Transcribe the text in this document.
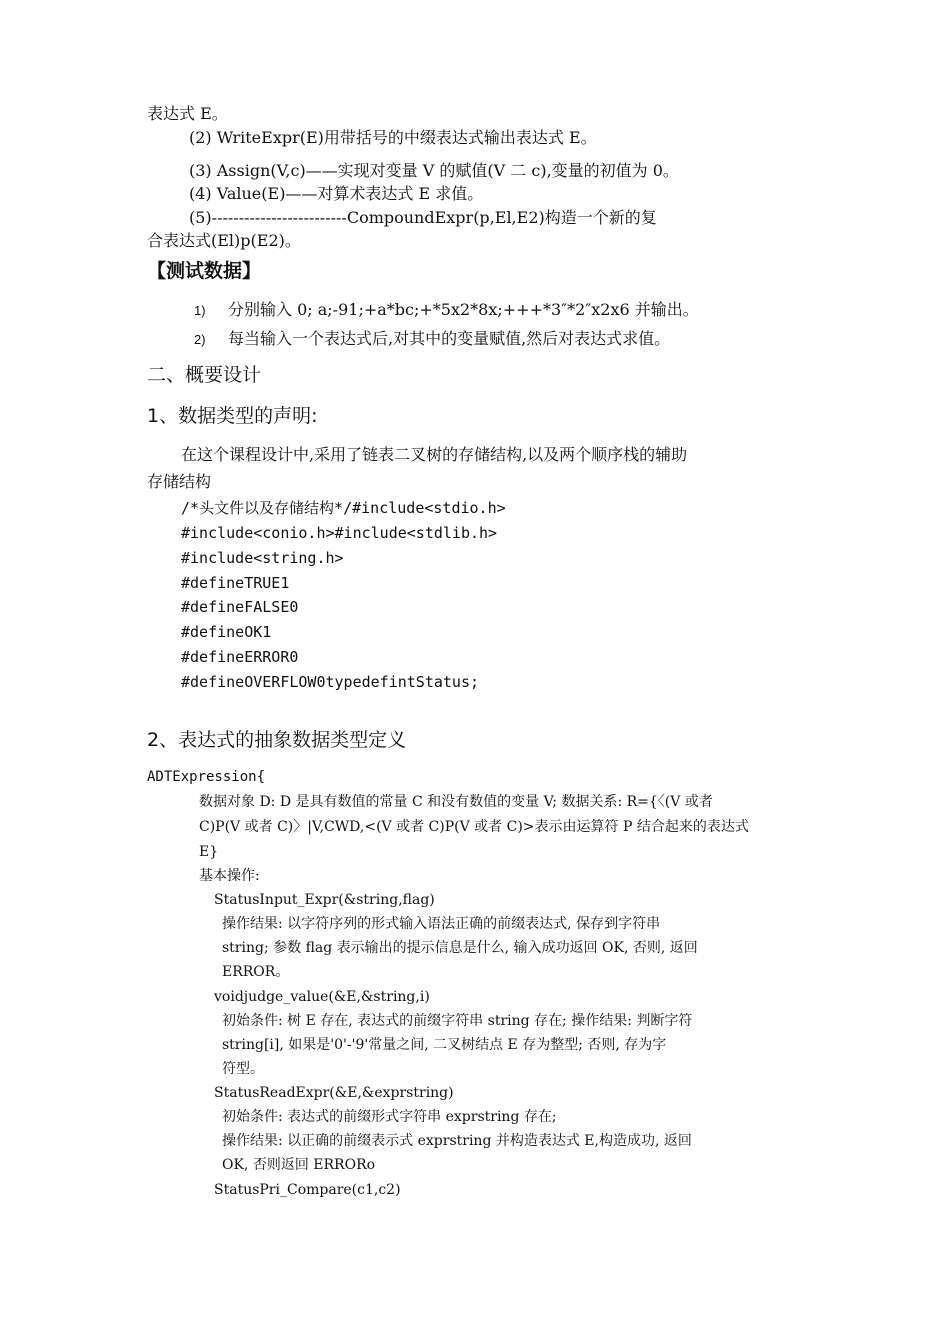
表达式 E。
(2) WriteExpr(E)用带括号的中缀表达式输出表达式 E。
(3) Assign(V,c)——实现对变量 V 的赋值(V 二 c),变量的初值为 0。
(4) Value(E)——对算术表达式 E 求值。
(5)-------------------------CompoundExpr(p,El,E2)构造一个新的复
合表达式(El)p(E2)。
【测试数据】
1) 分别输入 0; a;-91;+a*bc;+*5x2*8x;+++*3″*2″x2x6 并输出。
2) 每当输入一个表达式后,对其中的变量赋值,然后对表达式求值。
二、概要设计
1、数据类型的声明:
在这个课程设计中,采用了链表二叉树的存储结构,以及两个顺序栈的辅助
存储结构
/*头文件以及存储结构*/#include<stdio.h>
#include<conio.h>#include<stdlib.h>
#include<string.h>
#defineTRUE1
#defineFALSE0
#defineOK1
#defineERROR0
#defineOVERFLOW0typedefintStatus;
2、表达式的抽象数据类型定义
ADTExpression{
数据对象 D: D 是具有数值的常量 C 和没有数值的变量 V; 数据关系: R={〈(V 或者
C)P(V 或者 C)〉|V,CWD,<(V 或者 C)P(V 或者 C)>表示由运算符 P 结合起来的表达式
E}
基本操作:
StatusInput_Expr(&string,flag)
操作结果: 以字符序列的形式输入语法正确的前缀表达式, 保存到字符串
string; 参数 flag 表示输出的提示信息是什么, 输入成功返回 OK, 否则, 返回
ERROR。
voidjudge_value(&E,&string,i)
初始条件: 树 E 存在, 表达式的前缀字符串 string 存在; 操作结果: 判断字符
string[i], 如果是'0'-'9'常量之间, 二叉树结点 E 存为整型; 否则, 存为字
符型。
StatusReadExpr(&E,&exprstring)
初始条件: 表达式的前缀形式字符串 exprstring 存在;
操作结果: 以正确的前缀表示式 exprstring 并构造表达式 E,构造成功, 返回
OK, 否则返回 ERRORo
StatusPri_Compare(c1,c2)
